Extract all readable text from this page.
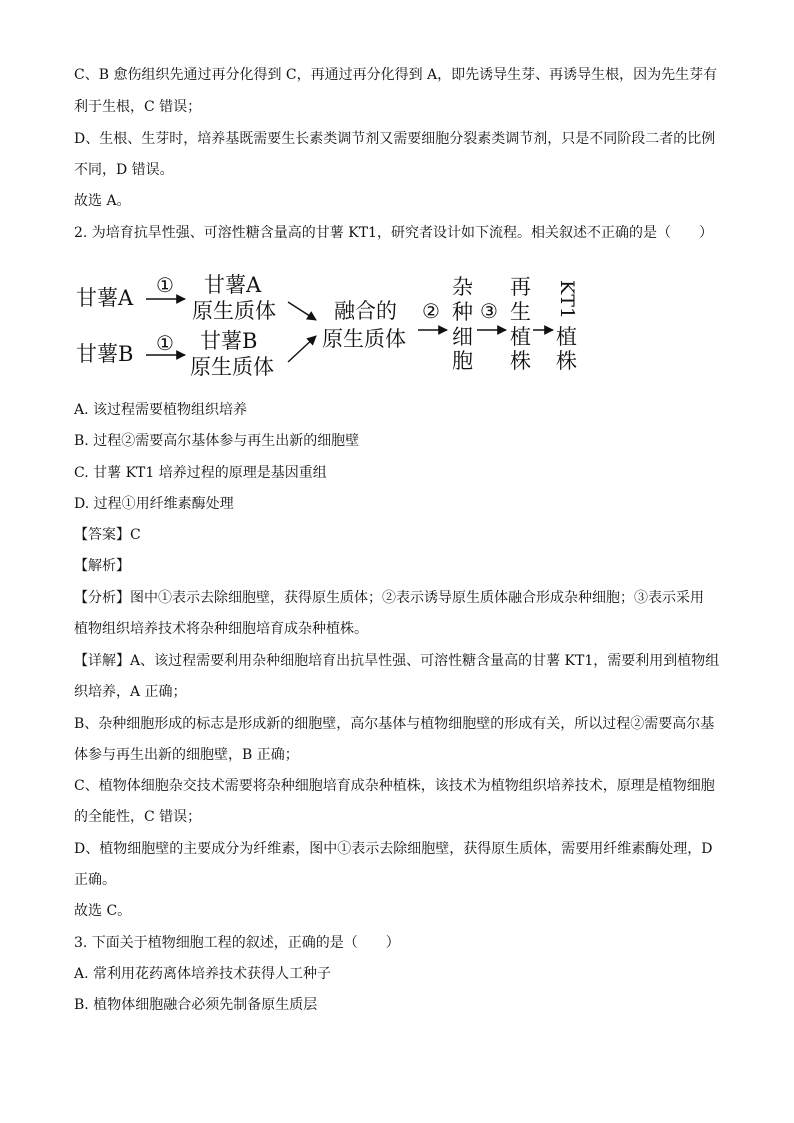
C、B 愈伤组织先通过再分化得到 C，再通过再分化得到 A，即先诱导生芽、再诱导生根，因为先生芽有
利于生根，C 错误；
D、生根、生芽时，培养基既需要生长素类调节剂又需要细胞分裂素类调节剂，只是不同阶段二者的比例
不同，D 错误。
故选 A。
2. 为培育抗旱性强、可溶性糖含量高的甘薯 KT1，研究者设计如下流程。相关叙述不正确的是（　　）
甘薯A
甘薯B
①
①
甘薯A
原生质体
甘薯B
原生质体
融合的
原生质体
②
杂
种
细
胞
③
再
生
植
株
KT1
植
株
A. 该过程需要植物组织培养
B. 过程②需要高尔基体参与再生出新的细胞壁
C. 甘薯 KT1 培养过程的原理是基因重组
D. 过程①用纤维素酶处理
【答案】C
【解析】
【分析】图中①表示去除细胞壁，获得原生质体；②表示诱导原生质体融合形成杂种细胞；③表示采用
植物组织培养技术将杂种细胞培育成杂种植株。
【详解】A、该过程需要利用杂种细胞培育出抗旱性强、可溶性糖含量高的甘薯 KT1，需要利用到植物组
织培养，A 正确；
B、杂种细胞形成的标志是形成新的细胞壁，高尔基体与植物细胞壁的形成有关，所以过程②需要高尔基
体参与再生出新的细胞壁，B 正确；
C、植物体细胞杂交技术需要将杂种细胞培育成杂种植株，该技术为植物组织培养技术，原理是植物细胞
的全能性，C 错误；
D、植物细胞壁的主要成分为纤维素，图中①表示去除细胞壁，获得原生质体，需要用纤维素酶处理，D
正确。
故选 C。
3. 下面关于植物细胞工程的叙述，正确的是（　　）
A. 常利用花药离体培养技术获得人工种子
B. 植物体细胞融合必须先制备原生质层
